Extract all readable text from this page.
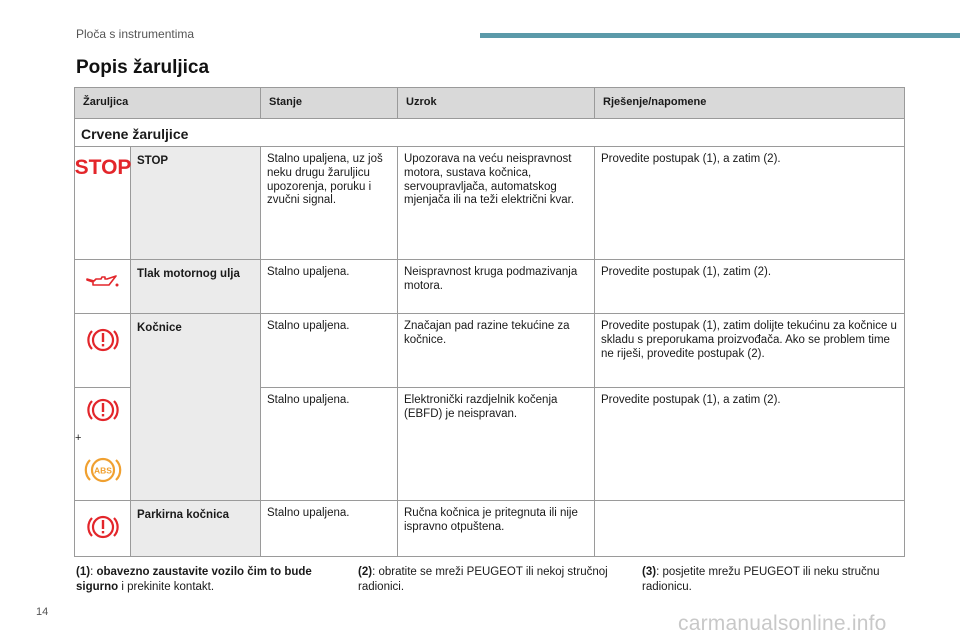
Ploča s instrumentima
Popis žaruljica
Žaruljica		Stanje	Uzrok	Rješenje/napomene
Crvene žaruljice				

STOP	STOP	Stalno upaljena, uz još neku drugu žaruljicu upozorenja, poruku i zvučni signal.	Upozorava na veću neispravnost motora, sustava kočnica, servoupravljača, automatskog mjenjača ili na teži električni kvar.	Provedite postupak (1), a zatim (2).

	Tlak motornog ulja	Stalno upaljena.	Neispravnost kruga podmazivanja motora.	Provedite postupak (1), zatim (2).

	Kočnice	Stalno upaljena.	Značajan pad razine tekućine za kočnice.	Provedite postupak (1), zatim dolijte tekućinu za kočnice u skladu s preporukama proizvođača. Ako se problem time ne riješi, provedite postupak (2).

+
ABS		Stalno upaljena.	Elektronički razdjelnik kočenja (EBFD) je neispravan.	Provedite postupak (1), a zatim (2).

	Parkirna kočnica	Stalno upaljena.	Ručna kočnica je pritegnuta ili nije ispravno otpuštena.	
(1): obavezno zaustavite vozilo čim to bude sigurno i prekinite kontakt.
(2): obratite se mreži PEUGEOT ili nekoj stručnoj radionici.
(3): posjetite mrežu PEUGEOT ili neku stručnu radionicu.
14	carmanualsonline.info
